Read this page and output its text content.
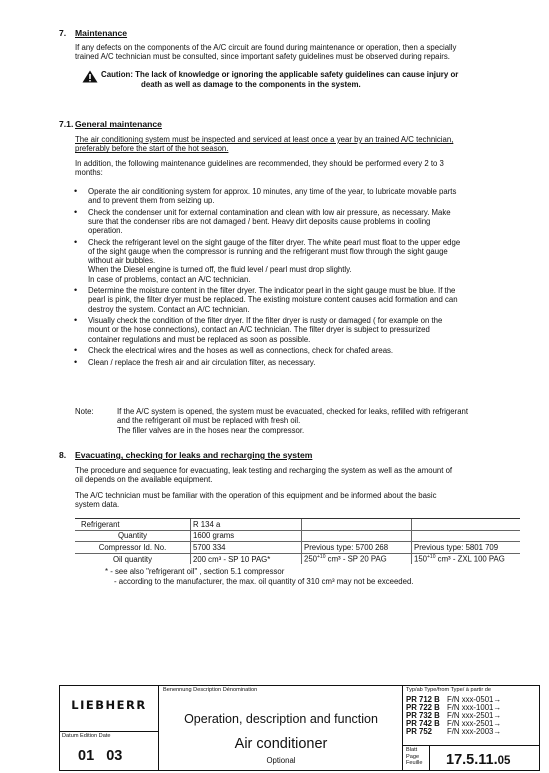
7. Maintenance
If any defects on the components of the A/C circuit are found during maintenance or operation, then a specially
trained A/C technician must be consulted, since important safety guidelines must be observed during repairs.
Caution: The lack of knowledge or ignoring the applicable safety guidelines can cause injury or
death as well as damage to the components in the system.
7.1. General maintenance
The air conditioning system must be inspected and serviced at least once a year by an trained A/C technician,
preferably before the start of the hot season.
In addition, the following maintenance guidelines are recommended, they should be performed every 2 to 3
months:
• Operate the air conditioning system for approx. 10 minutes, any time of the year, to lubricate movable parts
and to prevent them from seizing up.
• Check the condenser unit for external contamination and clean with low air pressure, as necessary. Make
sure that the condenser ribs are not damaged / bent. Heavy dirt deposits cause problems in cooling
operation.
• Check the refrigerant level on the sight gauge of the filter dryer. The white pearl must float to the upper edge
of the sight gauge when the compressor is running and the refrigerant must flow through the sight gauge
without air bubbles.
When the Diesel engine is turned off, the fluid level / pearl must drop slightly.
In case of problems, contact an A/C technician.
• Determine the moisture content in the filter dryer. The indicator pearl in the sight gauge must be blue. If the
pearl is pink, the filter dryer must be replaced. The existing moisture content causes acid formation and can
destroy the system. Contact an A/C technician.
• Visually check the condition of the filter dryer. If the filter dryer is rusty or damaged ( for example on the
mount or the hose connections), contact an A/C technician. The filter dryer is subject to pressurized
container regulations and must be replaced as soon as possible.
• Check the electrical wires and the hoses as well as connections, check for chafed areas.
• Clean / replace the fresh air and air circulation filter, as necessary.
Note:	If the A/C system is opened, the system must be evacuated, checked for leaks, refilled with refrigerant
and the refrigerant oil must be replaced with fresh oil.
The filler valves are in the hoses near the compressor.
8. Evacuating, checking for leaks and recharging the system
The procedure and sequence for evacuating, leak testing and recharging the system as well as the amount of
oil depends on the available equipment.
The A/C technician must be familiar with the operation of this equipment and be informed about the basic
system data.
Refrigerant	R 134 a		
Quantity	1600 grams		
Compressor Id. No.	5700 334	Previous type: 5700 268	Previous type: 5801 709
Oil quantity	200 cm³ - SP 10 PAG*	$250^{+10}$ cm³ - SP 20 PAG	$150^{+10}$ cm³ - ZXL 100 PAG
* - see also "refrigerant oil" , section 5.1 compressor
- according to the manufacturer, the max. oil quantity of 310 cm³ may not be exceeded.
LIEBHERR
Datum Edition Date
01 03
Benennung Description Dénomination
Operation, description and function
Air conditioner
Optional
Typ/ab Type/from Type/ à partir de
PR 712 B F/N xxx-0501→
PR 722 B F/N xxx-1001→
PR 732 B F/N xxx-2501→
PR 742 B F/N xxx-2501→
PR 752 F/N xxx-2003→
Blatt
Page
Feuille 17.5.11.05
